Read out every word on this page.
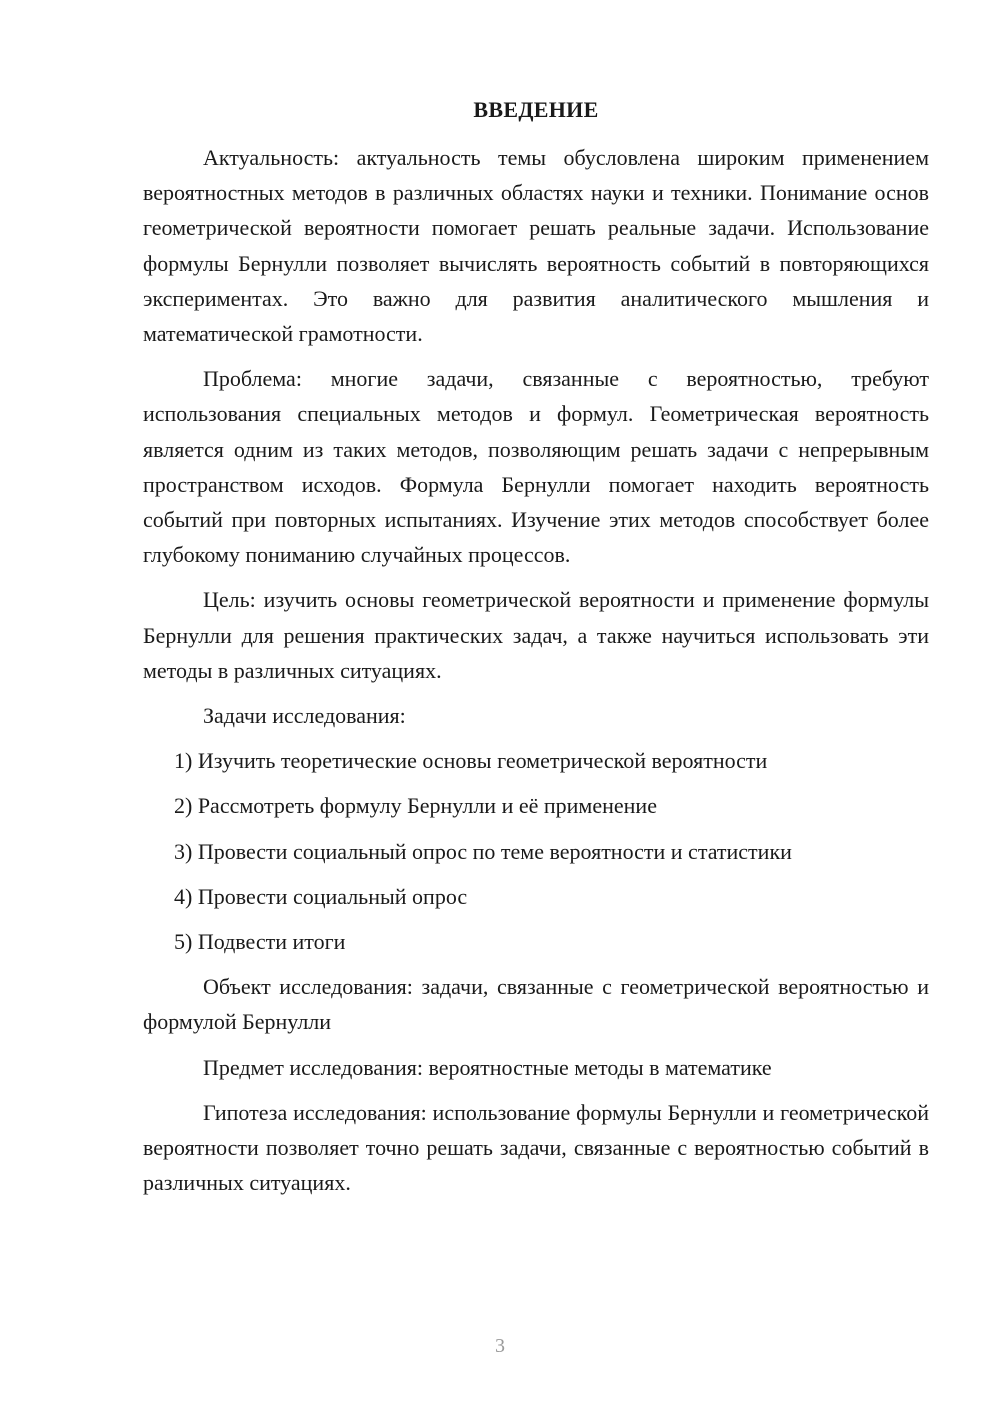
ВВЕДЕНИЕ

Актуальность: актуальность темы обусловлена широким применением вероятностных методов в различных областях науки и техники. Понимание основ геометрической вероятности помогает решать реальные задачи. Использование формулы Бернулли позволяет вычислять вероятность событий в повторяющихся экспериментах. Это важно для развития аналитического мышления и математической грамотности.

Проблема: многие задачи, связанные с вероятностью, требуют использования специальных методов и формул. Геометрическая вероятность является одним из таких методов, позволяющим решать задачи с непрерывным пространством исходов. Формула Бернулли помогает находить вероятность событий при повторных испытаниях. Изучение этих методов способствует более глубокому пониманию случайных процессов.

Цель: изучить основы геометрической вероятности и применение формулы Бернулли для решения практических задач, а также научиться использовать эти методы в различных ситуациях.

Задачи исследования:

1) Изучить теоретические основы геометрической вероятности
2) Рассмотреть формулу Бернулли и её применение
3) Провести социальный опрос по теме вероятности и статистики
4) Провести социальный опрос
5) Подвести итоги

Объект исследования: задачи, связанные с геометрической вероятностью и формулой Бернулли

Предмет исследования: вероятностные методы в математике

Гипотеза исследования: использование формулы Бернулли и геометрической вероятности позволяет точно решать задачи, связанные с вероятностью событий в различных ситуациях.

3
